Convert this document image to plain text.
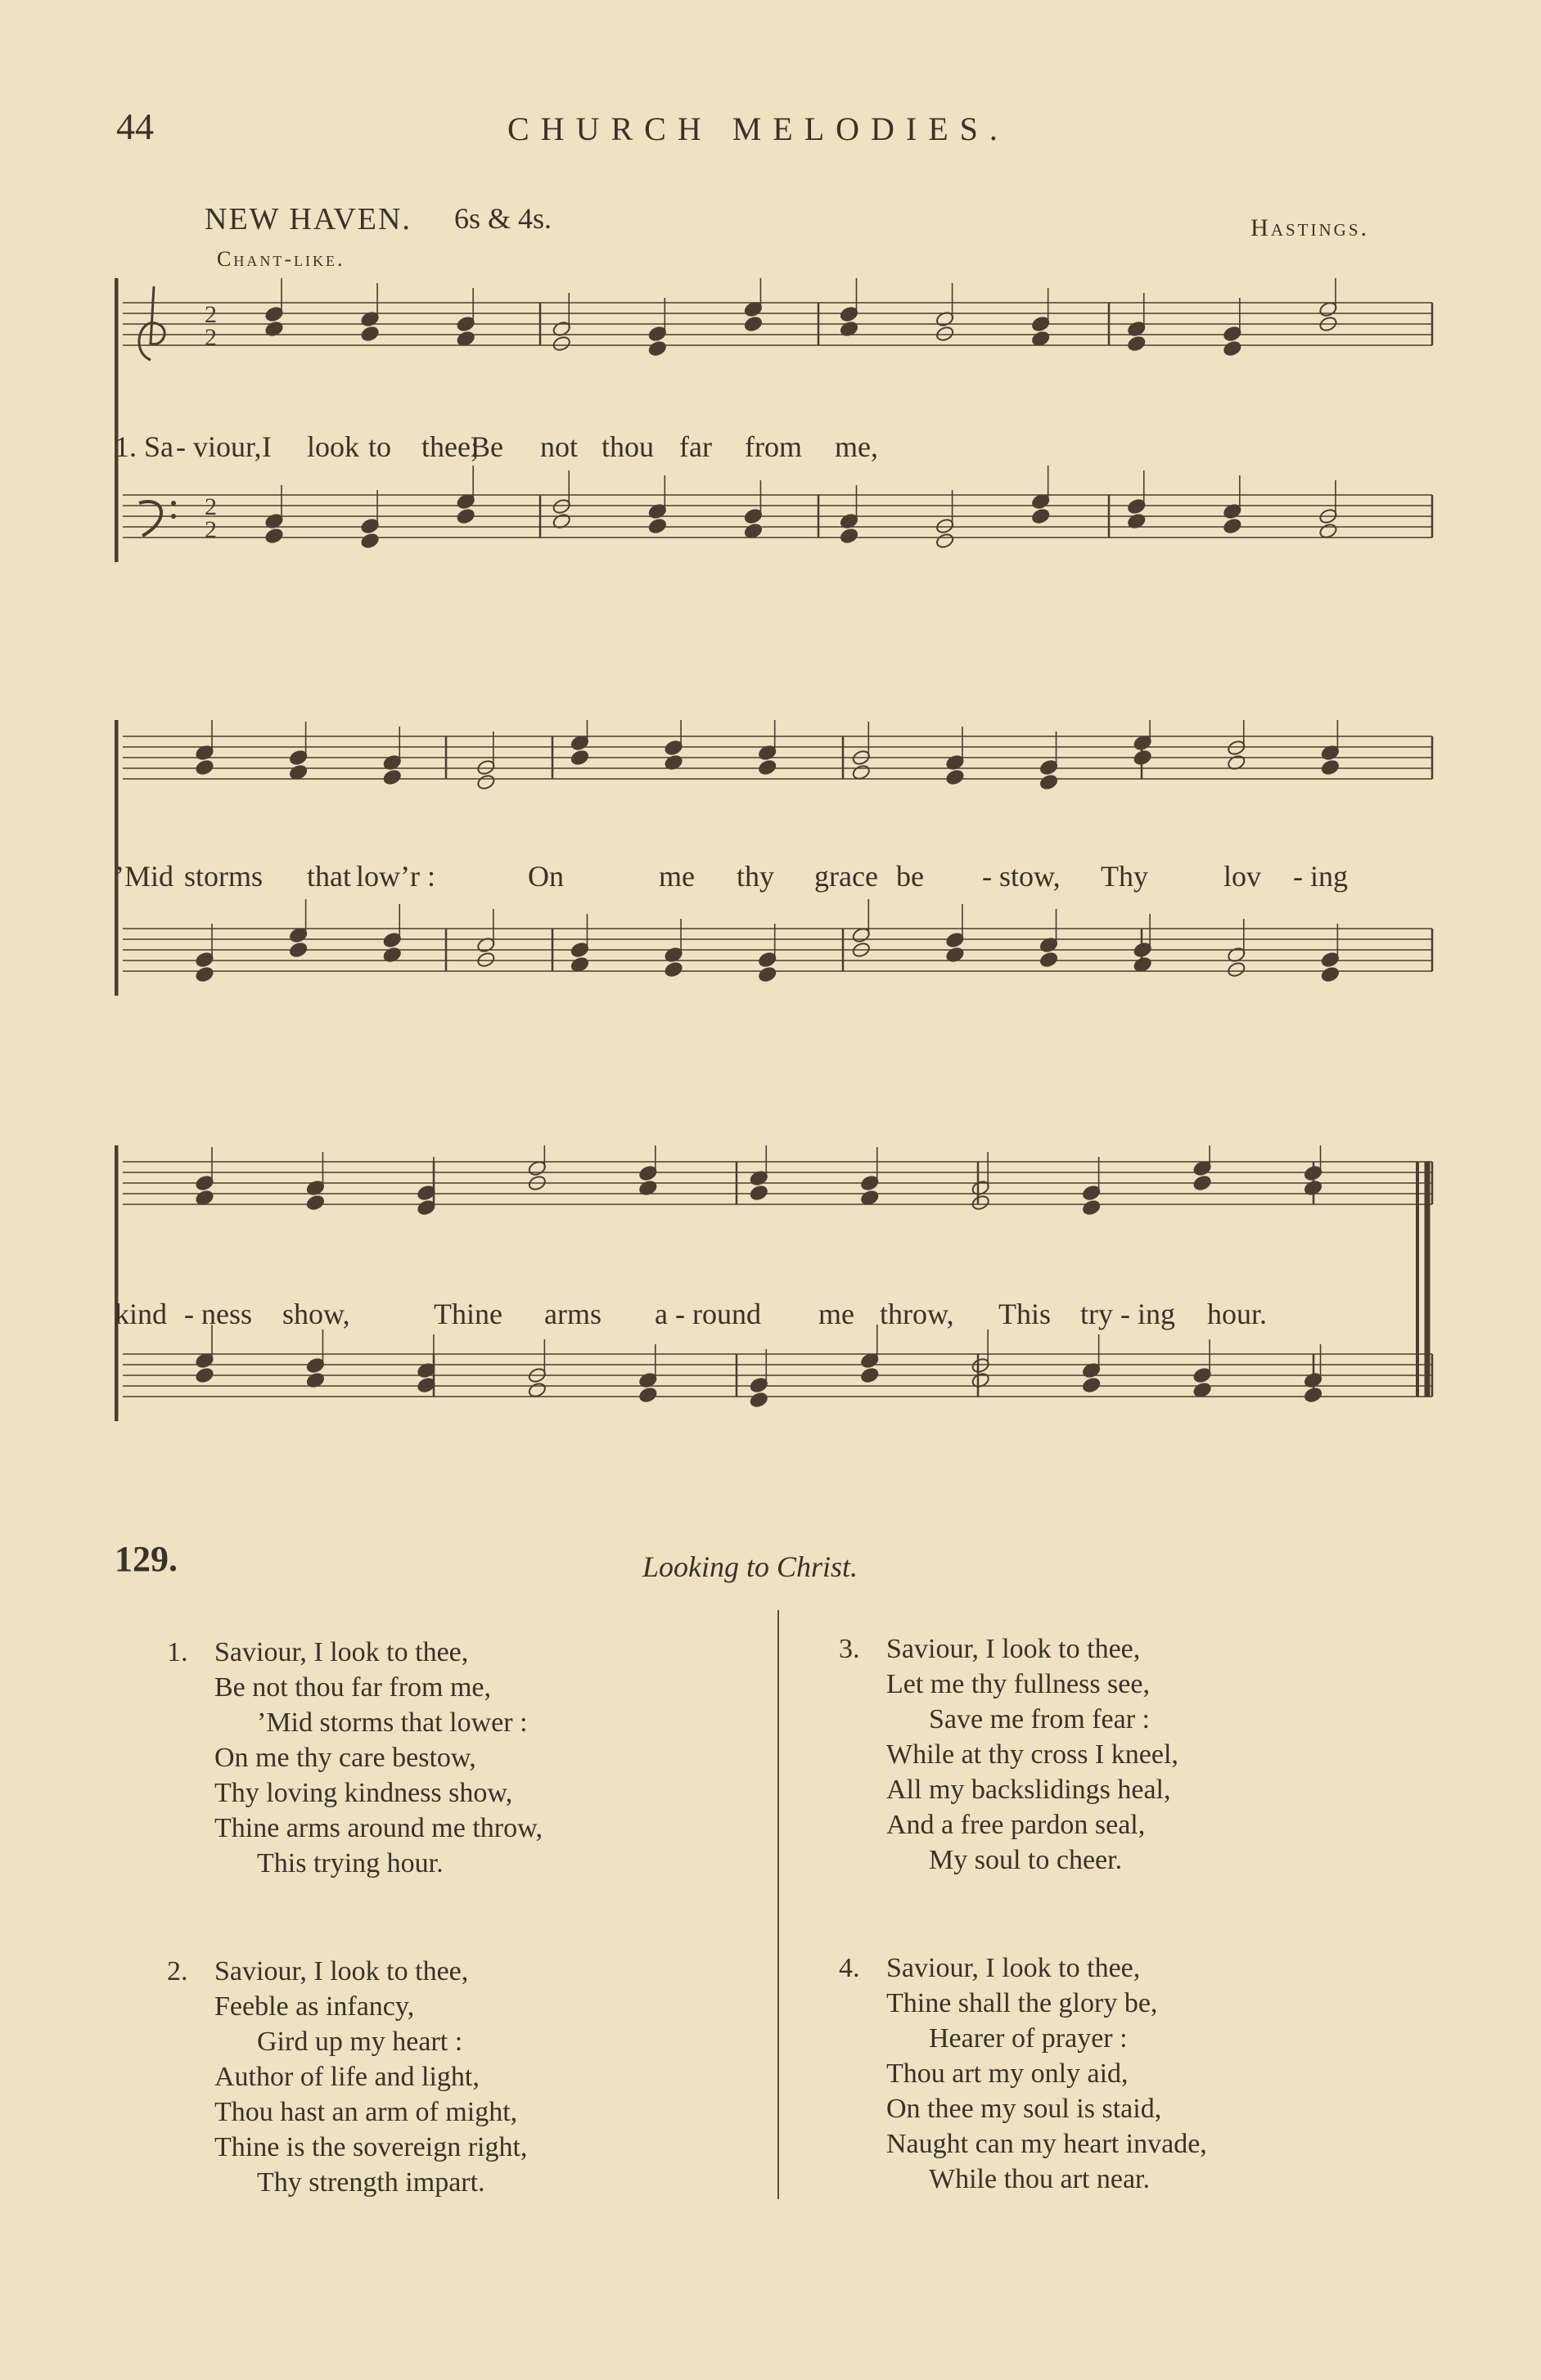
44	CHURCH MELODIES.
NEW HAVEN. 6s & 4s.	Hastings.
Chant-like.
2
2
2
2
1. Sa - viour, I look to thee;
Be not thou far from me,
’Mid storms that low’r :	On	me thy grace be - stow, Thy	lov - ing
kind - ness show,	Thine arms a - round me throw, This try - ing hour.
129.	Looking to Christ.
1. Saviour, I look to thee,
Be not thou far from me,
’Mid storms that lower :
On me thy care bestow,
Thy loving kindness show,
Thine arms around me throw,
This trying hour.
2. Saviour, I look to thee,
Feeble as infancy,
Gird up my heart :
Author of life and light,
Thou hast an arm of might,
Thine is the sovereign right,
Thy strength impart.
3. Saviour, I look to thee,
Let me thy fullness see,
Save me from fear :
While at thy cross I kneel,
All my backslidings heal,
And a free pardon seal,
My soul to cheer.
4. Saviour, I look to thee,
Thine shall the glory be,
Hearer of prayer :
Thou art my only aid,
On thee my soul is staid,
Naught can my heart invade,
While thou art near.
